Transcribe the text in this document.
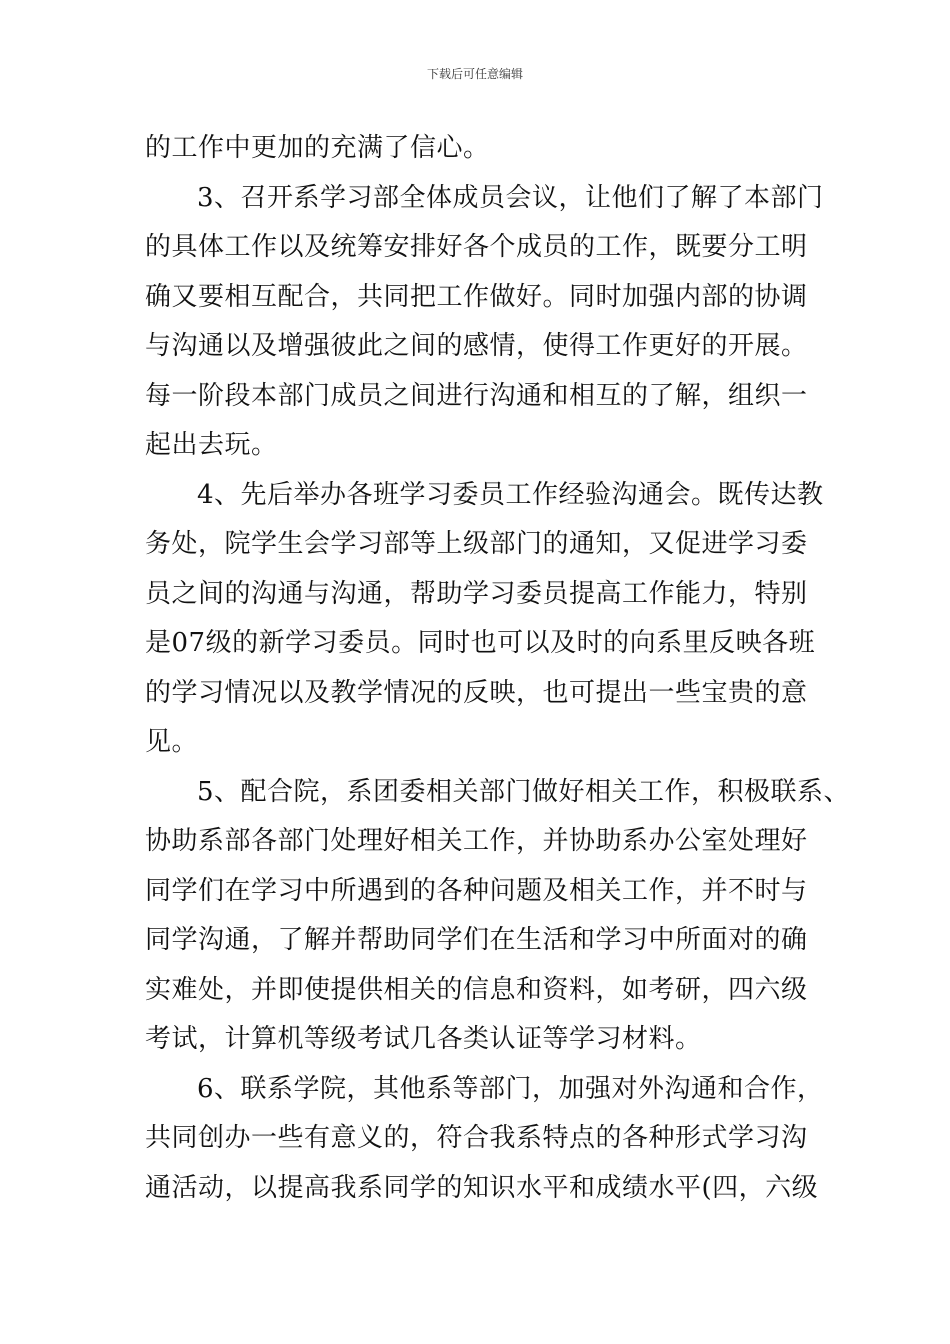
下载后可任意编辑

的工作中更加的充满了信心。

3、召开系学习部全体成员会议，让他们了解了本部门

的具体工作以及统筹安排好各个成员的工作，既要分工明

确又要相互配合，共同把工作做好。同时加强内部的协调

与沟通以及增强彼此之间的感情，使得工作更好的开展。

每一阶段本部门成员之间进行沟通和相互的了解，组织一

起出去玩。

4、先后举办各班学习委员工作经验沟通会。既传达教

务处，院学生会学习部等上级部门的通知，又促进学习委

员之间的沟通与沟通，帮助学习委员提高工作能力，特别

是07级的新学习委员。同时也可以及时的向系里反映各班

的学习情况以及教学情况的反映，也可提出一些宝贵的意

见。

5、配合院，系团委相关部门做好相关工作，积极联系、

协助系部各部门处理好相关工作，并协助系办公室处理好

同学们在学习中所遇到的各种问题及相关工作，并不时与

同学沟通，了解并帮助同学们在生活和学习中所面对的确

实难处，并即使提供相关的信息和资料，如考研，四六级

考试，计算机等级考试几各类认证等学习材料。

6、联系学院，其他系等部门，加强对外沟通和合作，

共同创办一些有意义的，符合我系特点的各种形式学习沟

通活动，以提高我系同学的知识水平和成绩水平(四，六级
